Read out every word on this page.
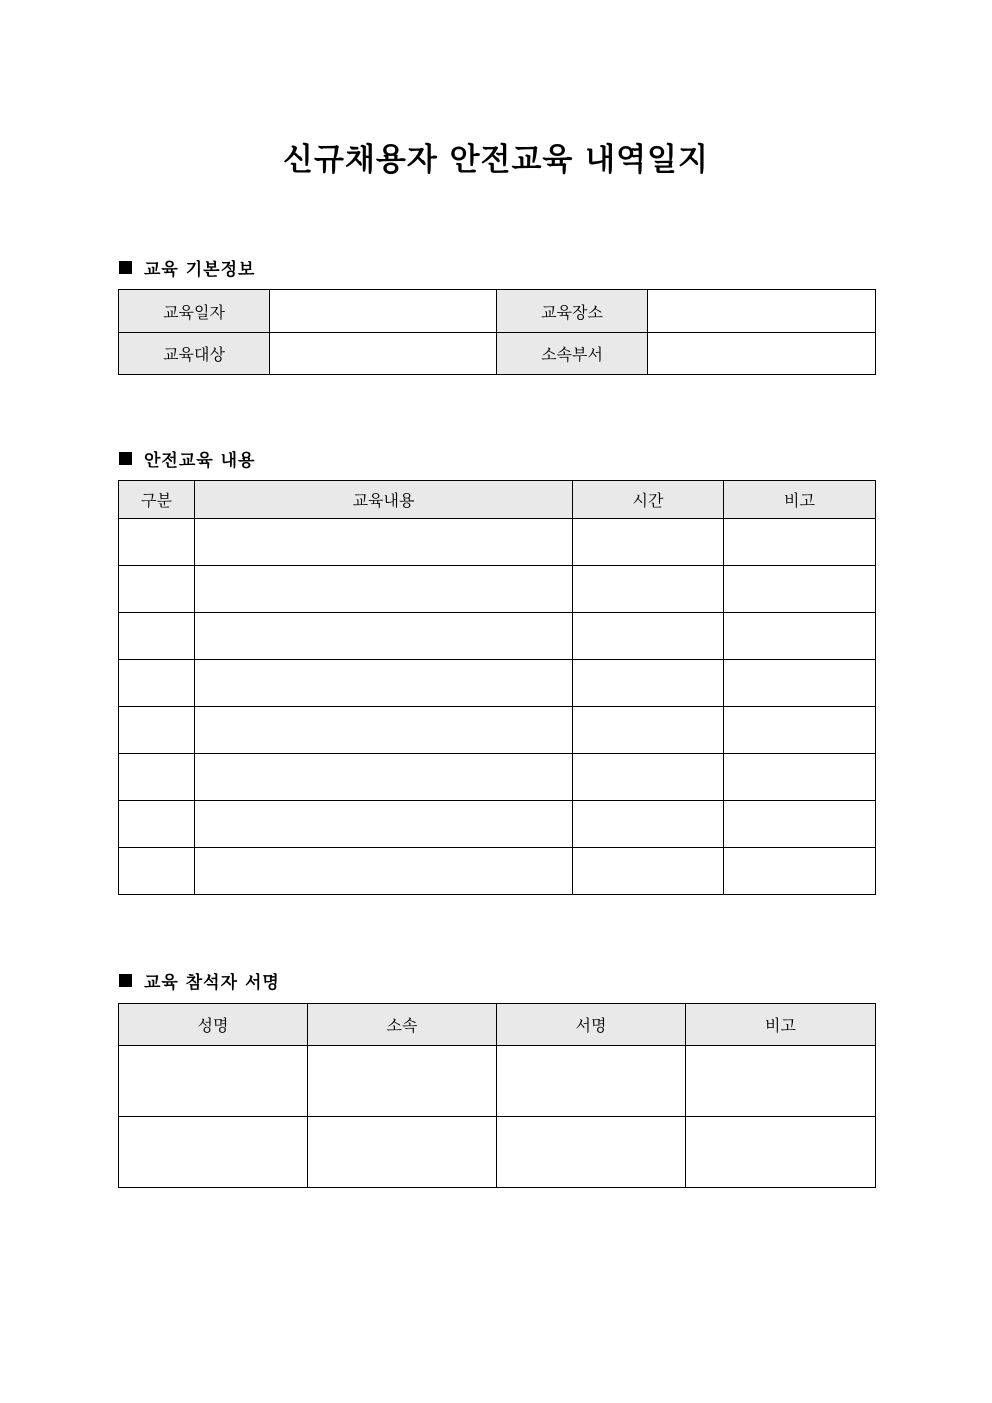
신규채용자 안전교육 내역일지
교육 기본정보
교육일자		교육장소	
교육대상		소속부서	
안전교육 내용
구분	교육내용	시간	비고

교육 참석자 서명
성명	소속	서명	비고
